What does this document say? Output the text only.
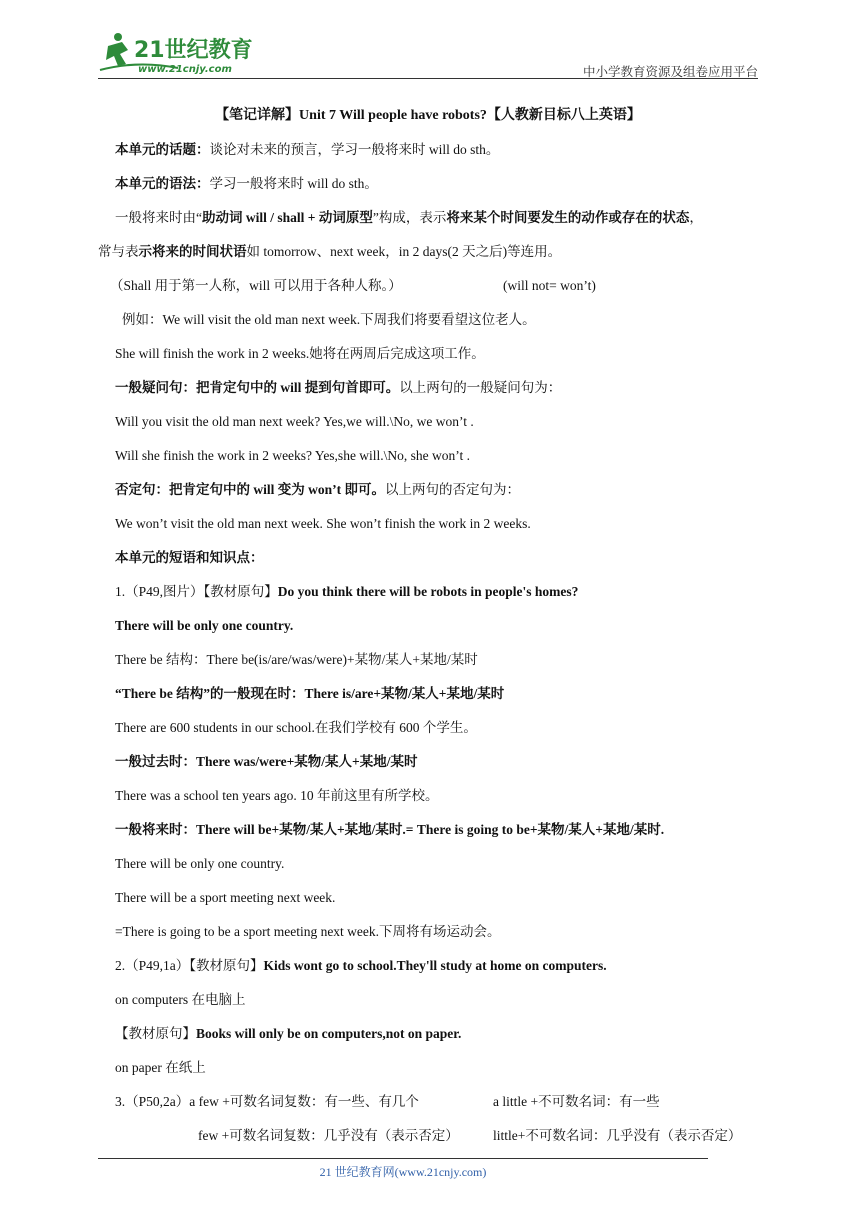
21世纪教育
www.21cnjy.com	中小学教育资源及组卷应用平台
【笔记详解】Unit 7 Will people have robots?【人教新目标八上英语】
本单元的话题：谈论对未来的预言，学习一般将来时 will do sth。
本单元的语法：学习一般将来时 will do sth。
一般将来时由“助动词 will / shall + 动词原型”构成，表示将来某个时间要发生的动作或存在的状态，
常与表示将来的时间状语如 tomorrow、next week，in 2 days(2 天之后)等连用。
（Shall 用于第一人称，will 可以用于各种人称。）	(will not= won’t)
例如：We will visit the old man next week.下周我们将要看望这位老人。
She will finish the work in 2 weeks.她将在两周后完成这项工作。
一般疑问句：把肯定句中的 will 提到句首即可。以上两句的一般疑问句为：
Will you visit the old man next week? Yes,we will.\No, we won’t .
Will she finish the work in 2 weeks? Yes,she will.\No, she won’t .
否定句：把肯定句中的 will 变为 won’t 即可。以上两句的否定句为：
We won’t visit the old man next week. She won’t finish the work in 2 weeks.
本单元的短语和知识点：
1.（P49,图片）【教材原句】Do you think there will be robots in people's homes?
There will be only one country.
There be 结构：There be(is/are/was/were)+某物/某人+某地/某时
“There be 结构”的一般现在时：There is/are+某物/某人+某地/某时
There are 600 students in our school.在我们学校有 600 个学生。
一般过去时：There was/were+某物/某人+某地/某时
There was a school ten years ago. 10 年前这里有所学校。
一般将来时：There will be+某物/某人+某地/某时.= There is going to be+某物/某人+某地/某时.
There will be only one country.
There will be a sport meeting next week.
=There is going to be a sport meeting next week.下周将有场运动会。
2.（P49,1a）【教材原句】Kids wont go to school.They'll study at home on computers.
on computers 在电脑上
【教材原句】Books will only be on computers,not on paper.
on paper 在纸上
3.（P50,2a）a few +可数名词复数：有一些、有几个	a little +不可数名词：有一些
few +可数名词复数：几乎没有（表示否定）	little+不可数名词：几乎没有（表示否定）
21 世纪教育网(www.21cnjy.com)
